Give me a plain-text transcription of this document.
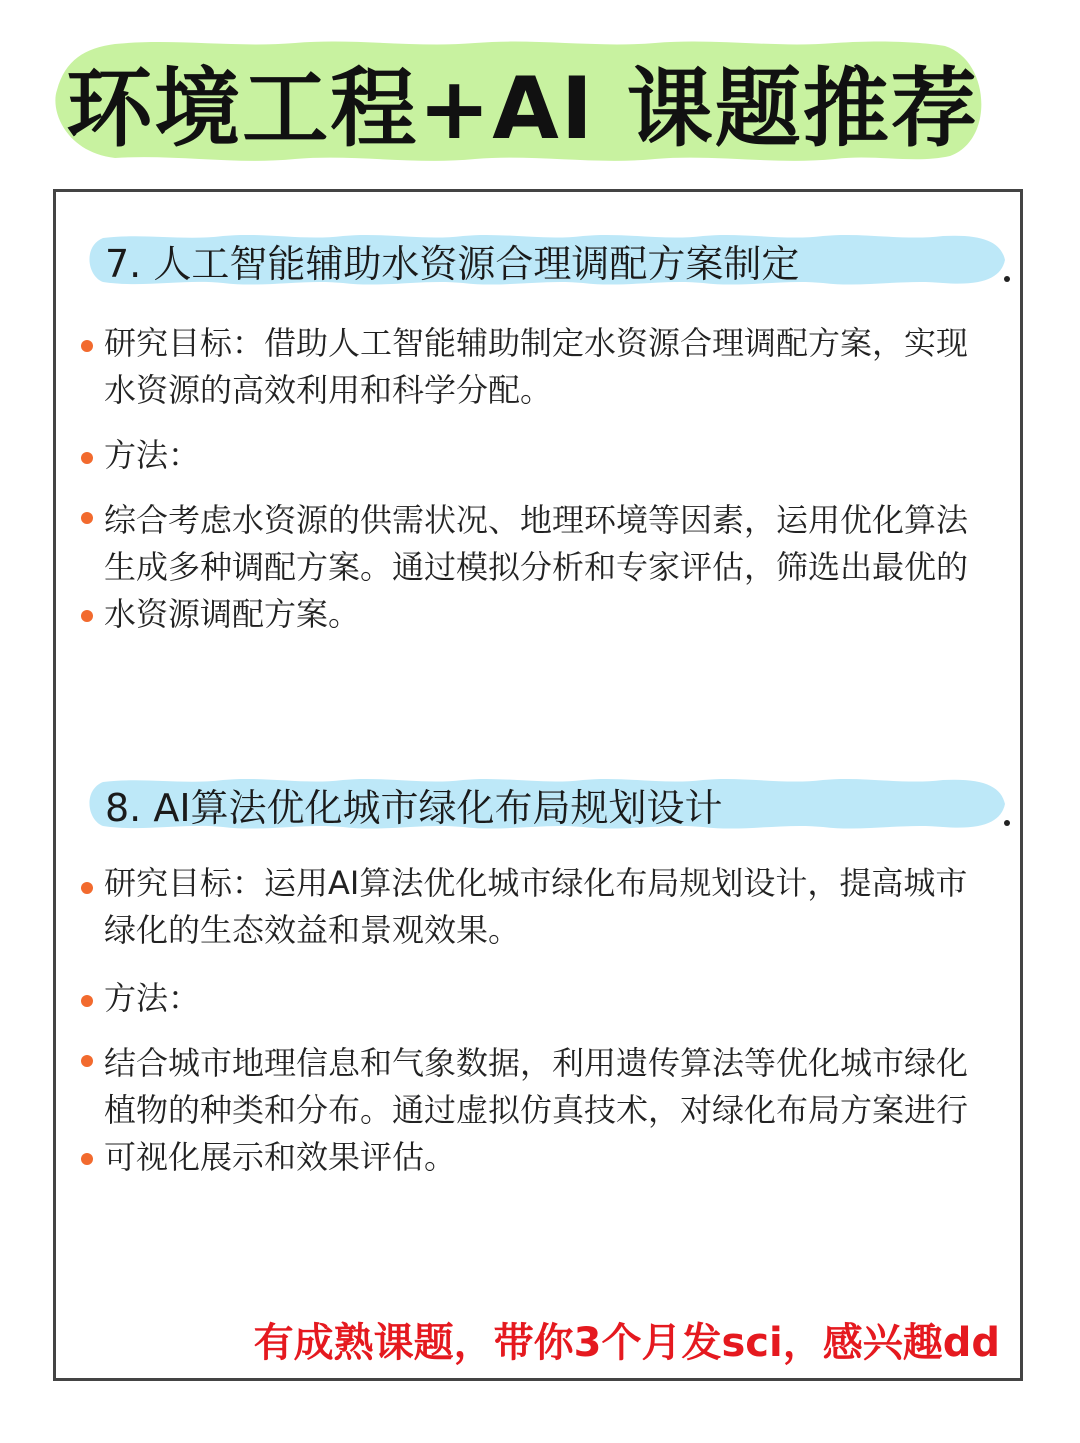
环境工程+AI 课题推荐
7. 人工智能辅助水资源合理调配方案制定
研究目标：借助人工智能辅助制定水资源合理调配方案，实现水资源的高效利用和科学分配。
方法：
综合考虑水资源的供需状况、地理环境等因素，运用优化算法生成多种调配方案。通过模拟分析和专家评估，筛选出最优的水资源调配方案。
8. AI算法优化城市绿化布局规划设计
研究目标：运用AI算法优化城市绿化布局规划设计，提高城市绿化的生态效益和景观效果。
方法：
结合城市地理信息和气象数据，利用遗传算法等优化城市绿化植物的种类和分布。通过虚拟仿真技术，对绿化布局方案进行可视化展示和效果评估。
有成熟课题，带你3个月发sci，感兴趣dd
